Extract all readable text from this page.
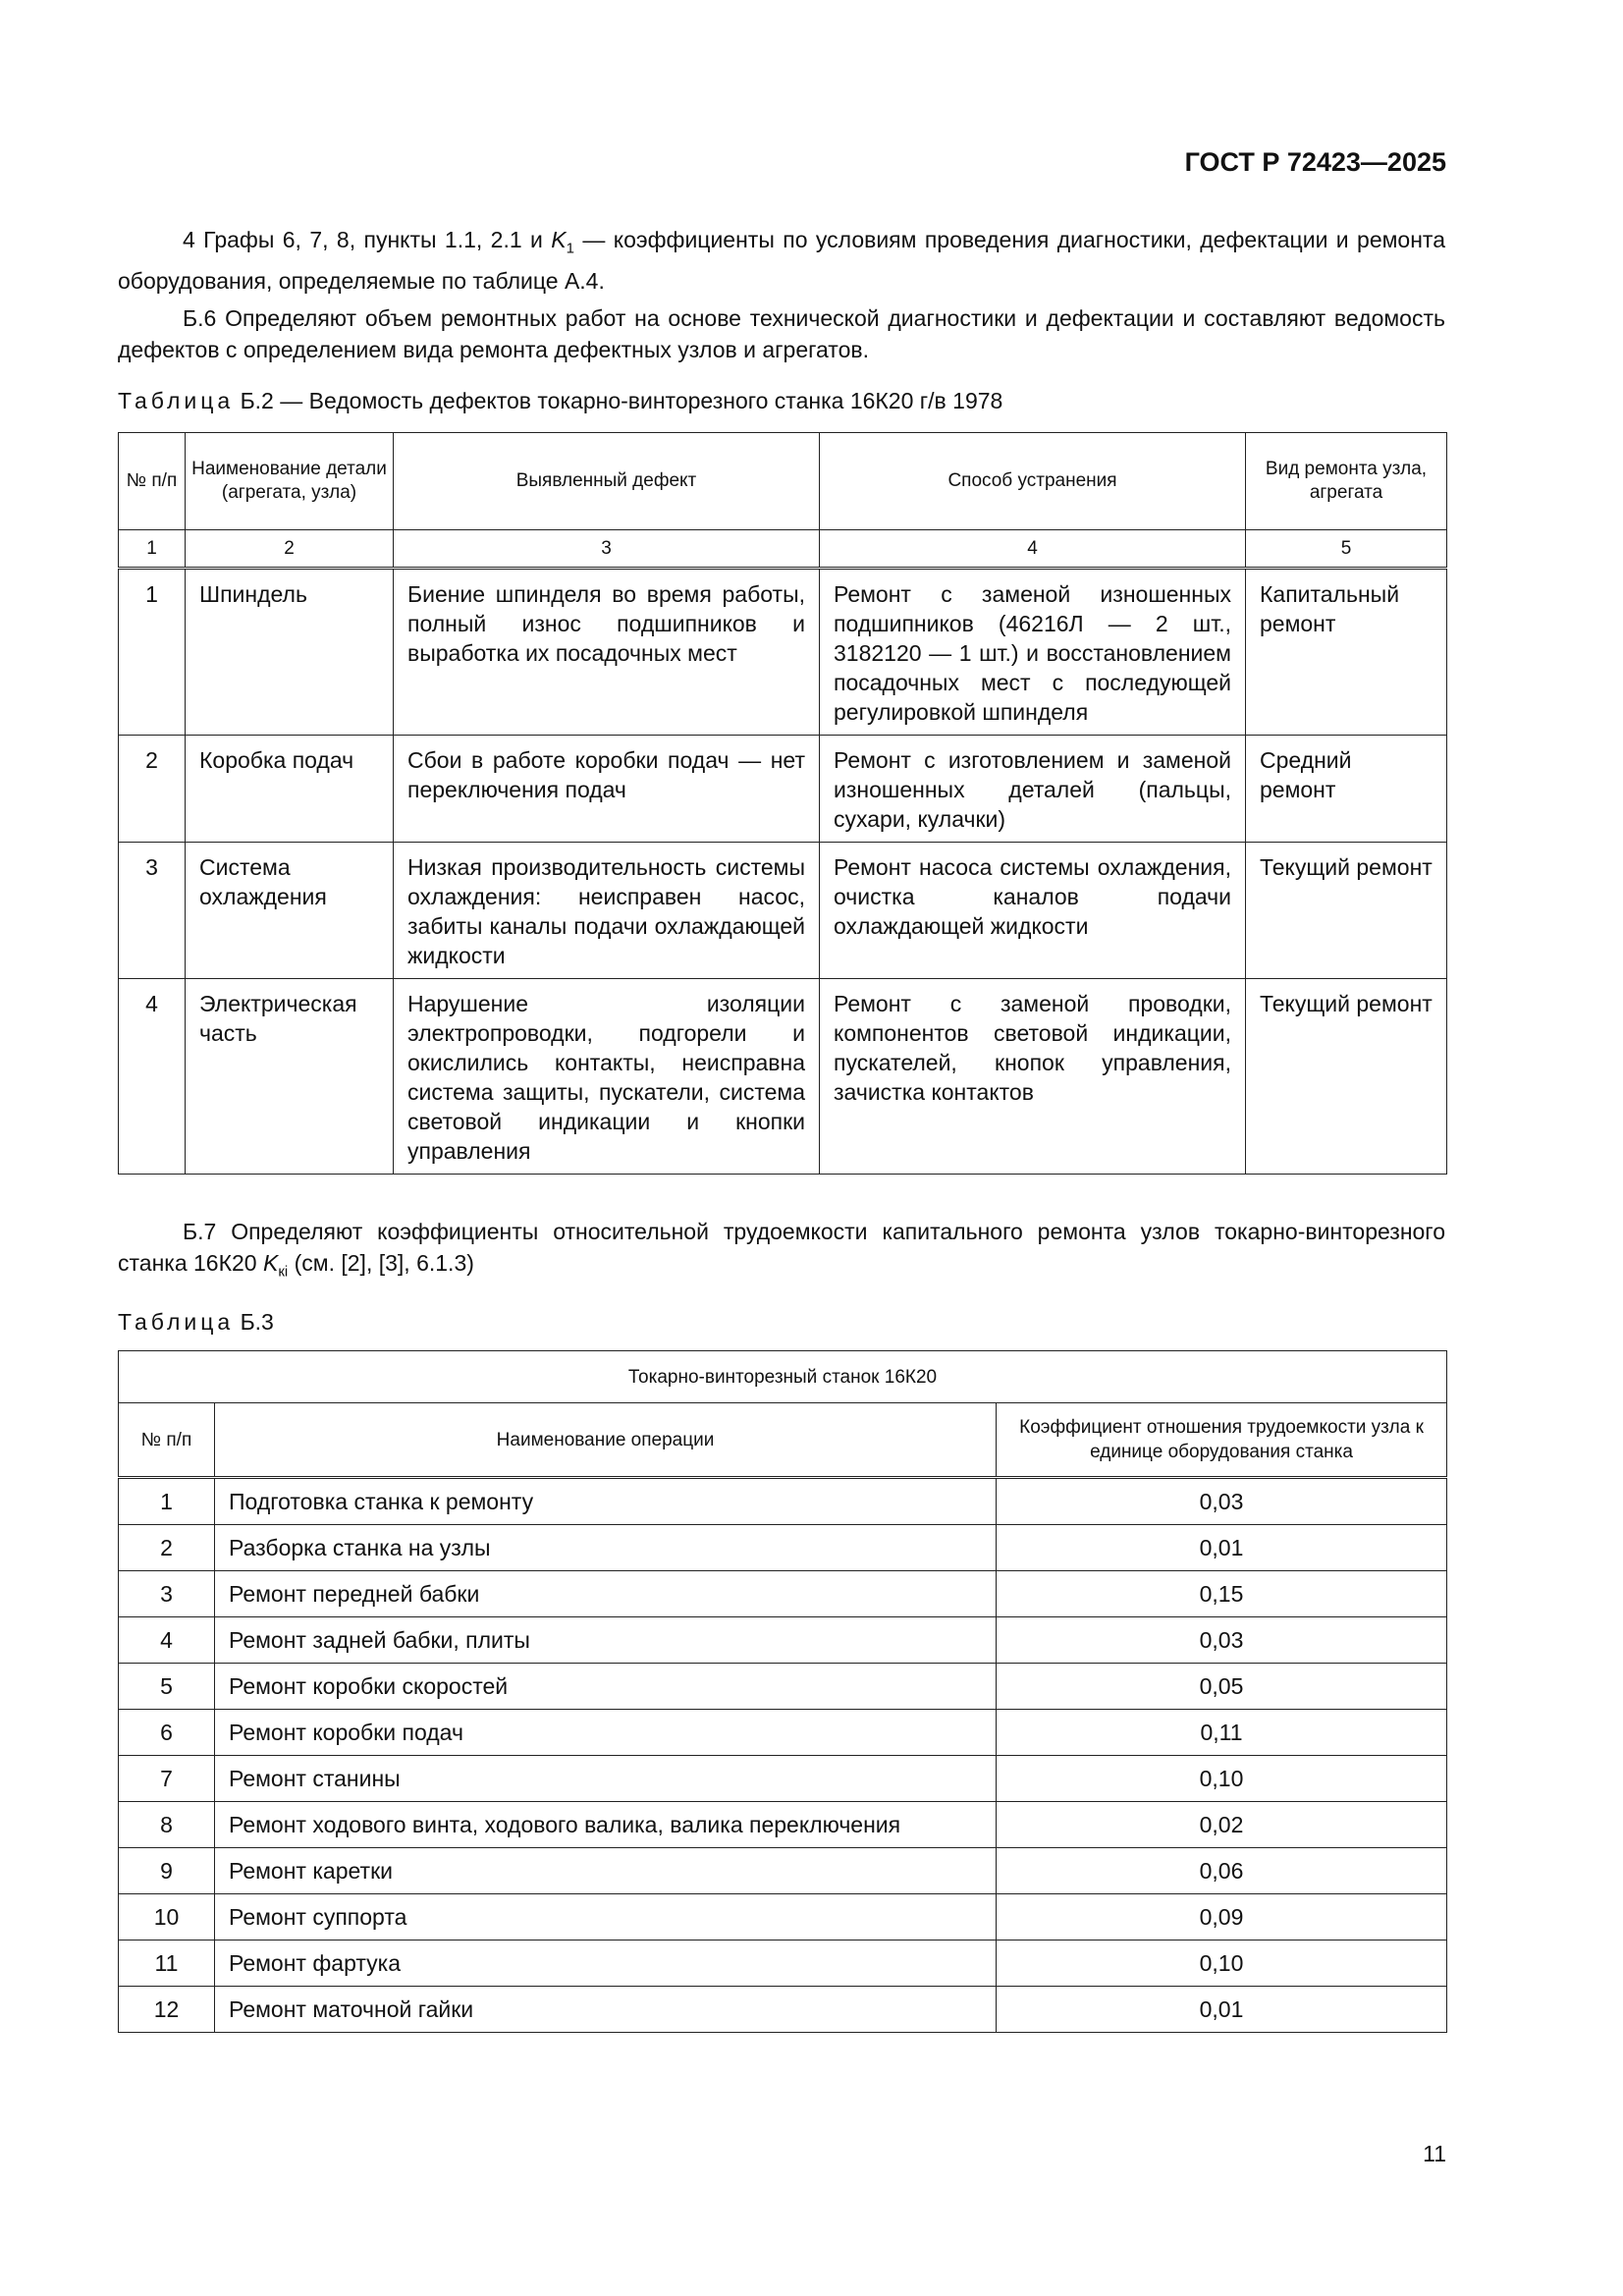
ГОСТ Р 72423—2025

4 Графы 6, 7, 8, пункты 1.1, 2.1 и $K_1$ — коэффициенты по условиям проведения диагностики, дефектации и ремонта оборудования, определяемые по таблице А.4.

Б.6 Определяют объем ремонтных работ на основе технической диагностики и дефектации и составляют ведомость дефектов с определением вида ремонта дефектных узлов и агрегатов.

Таблица Б.2 — Ведомость дефектов токарно-винторезного станка 16К20 г/в 1978

№ п/п	Наименование детали (агрегата, узла)	Выявленный дефект	Способ устранения	Вид ремонта узла, агрегата
1	2	3	4	5
1	Шпиндель	Биение шпинделя во время работы, полный износ подшипников и выработка их посадочных мест	Ремонт с заменой изношенных подшипников (46216Л — 2 шт., 3182120 — 1 шт.) и восстановлением посадочных мест с последующей регулировкой шпинделя	Капитальный ремонт
2	Коробка подач	Сбои в работе коробки подач — нет переключения подач	Ремонт с изготовлением и заменой изношенных деталей (пальцы, сухари, кулачки)	Средний ремонт
3	Система охлаждения	Низкая производительность системы охлаждения: неисправен насос, забиты каналы подачи охлаждающей жидкости	Ремонт насоса системы охлаждения, очистка каналов подачи охлаждающей жидкости	Текущий ремонт
4	Электрическая часть	Нарушение изоляции электропроводки, подгорели и окислились контакты, неисправна система защиты, пускатели, система световой индикации и кнопки управления	Ремонт с заменой проводки, компонентов световой индикации, пускателей, кнопок управления, зачистка контактов	Текущий ремонт

Б.7 Определяют коэффициенты относительной трудоемкости капитального ремонта узлов токарно-винторезного станка 16К20 $K_{кi}$ (см. [2], [3], 6.1.3)

Таблица Б.3

Токарно-винторезный станок 16К20		
№ п/п	Наименование операции	Коэффициент отношения трудоемкости узла к единице оборудования станка
1	Подготовка станка к ремонту	0,03
2	Разборка станка на узлы	0,01
3	Ремонт передней бабки	0,15
4	Ремонт задней бабки, плиты	0,03
5	Ремонт коробки скоростей	0,05
6	Ремонт коробки подач	0,11
7	Ремонт станины	0,10
8	Ремонт ходового винта, ходового валика, валика переключения	0,02
9	Ремонт каретки	0,06
10	Ремонт суппорта	0,09
11	Ремонт фартука	0,10
12	Ремонт маточной гайки	0,01
11
